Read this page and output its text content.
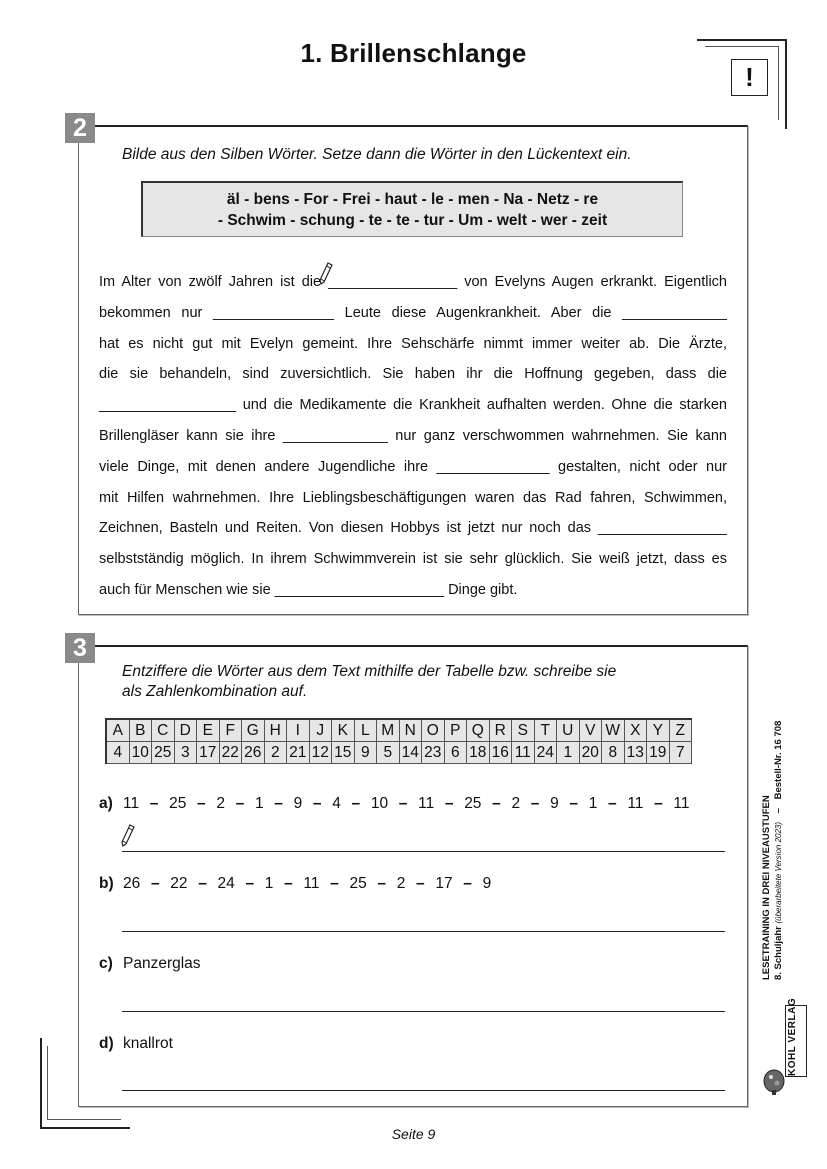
1. Brillenschlange
!
2
Bilde aus den Silben Wörter. Setze dann die Wörter in den Lückentext ein.
äl - bens - For - Frei - haut - le - men - Na - Netz - re
- Schwim - schung - te - te - tur - Um - welt - wer - zeit

Im Alter von zwölf Jahren ist die ________________ von Evelyns Augen erkrankt. Eigentlich

bekommen nur _______________ Leute diese Augenkrankheit. Aber die _____________

hat es nicht gut mit Evelyn gemeint. Ihre Sehschärfe nimmt immer weiter ab. Die Ärzte,

die sie behandeln, sind zuversichtlich. Sie haben ihr die Hoffnung gegeben, dass die

_________________ und die Medikamente die Krankheit aufhalten werden. Ohne die starken

Brillengläser kann sie ihre _____________ nur ganz verschwommen wahrnehmen. Sie kann

viele Dinge, mit denen andere Jugendliche ihre ______________ gestalten, nicht oder nur

mit Hilfen wahrnehmen. Ihre Lieblingsbeschäftigungen waren das Rad fahren, Schwimmen,

Zeichnen, Basteln und Reiten. Von diesen Hobbys ist jetzt nur noch das ________________

selbstständig möglich. In ihrem Schwimmverein ist sie sehr glücklich. Sie weiß jetzt, dass es

auch für Menschen wie sie _____________________ Dinge gibt.

3
Entziffere die Wörter aus dem Text mithilfe der Tabelle bzw. schreibe sie
als Zahlenkombination auf.
A	B	C	D	E	F	G	H	I	J	K	L	M	N	O	P	Q	R	S	T	U	V	W	X	Y	Z
4	10	25	3	17	22	26	2	21	12	15	9	5	14	23	6	18	16	11	24	1	20	8	13	19	7
a) 11 – 25 – 2 – 1 – 9 – 4 – 10 – 11 – 25 – 2 – 9 – 1 – 11 – 11
b) 26 – 22 – 24 – 1 – 11 – 25 – 2 – 17 – 9
c) Panzerglas
d) knallrot
LESETRAINING IN DREI NIVEAUSTUFEN 8. Schuljahr (überarbeitete Version 2023) – Bestell-Nr. 16 708
KOHL VERLAG
Seite 9
